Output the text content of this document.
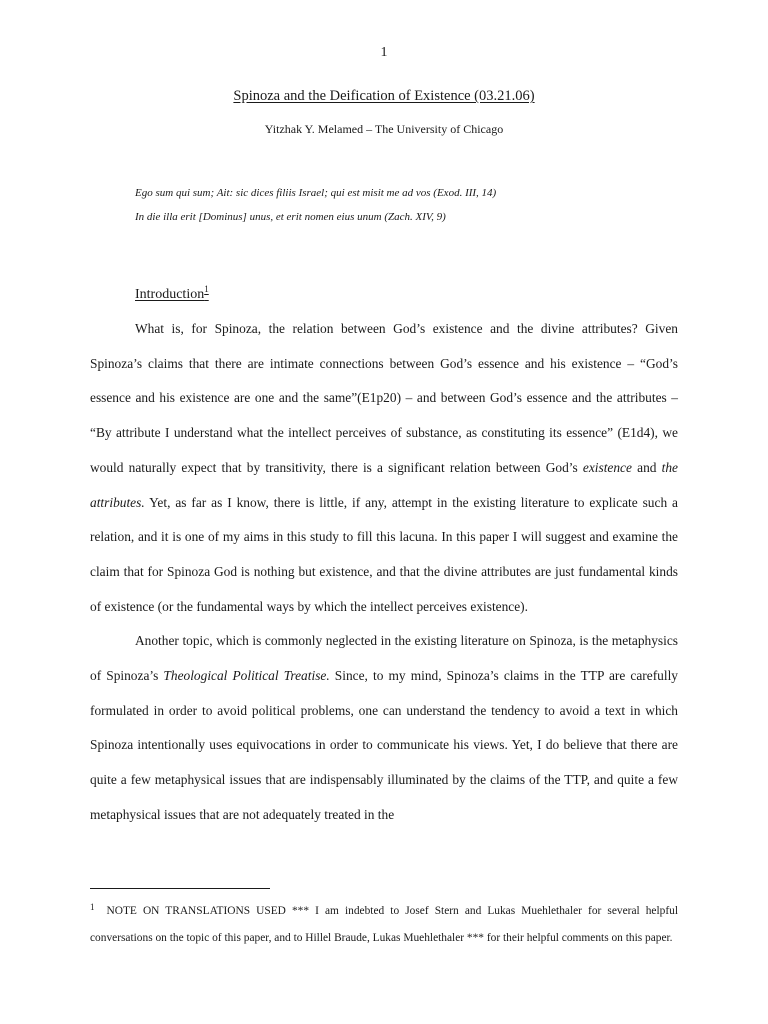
1
Spinoza and the Deification of Existence (03.21.06)
Yitzhak Y. Melamed – The University of Chicago
Ego sum qui sum; Ait: sic dices filiis Israel; qui est misit me ad vos (Exod. III, 14)
In die illa erit [Dominus] unus, et erit nomen eius unum (Zach. XIV, 9)
Introduction$^1$

What is, for Spinoza, the relation between God’s existence and the divine attributes? Given Spinoza’s claims that there are intimate connections between God’s essence and his existence – “God’s essence and his existence are one and the same”(E1p20) – and between God’s essence and the attributes – “By attribute I understand what the intellect perceives of substance, as constituting its essence” (E1d4), we would naturally expect that by transitivity, there is a significant relation between God’s existence and the attributes. Yet, as far as I know, there is little, if any, attempt in the existing literature to explicate such a relation, and it is one of my aims in this study to fill this lacuna. In this paper I will suggest and examine the claim that for Spinoza God is nothing but existence, and that the divine attributes are just fundamental kinds of existence (or the fundamental ways by which the intellect perceives existence).

Another topic, which is commonly neglected in the existing literature on Spinoza, is the metaphysics of Spinoza’s Theological Political Treatise. Since, to my mind, Spinoza’s claims in the TTP are carefully formulated in order to avoid political problems, one can understand the tendency to avoid a text in which Spinoza intentionally uses equivocations in order to communicate his views. Yet, I do believe that there are quite a few metaphysical issues that are indispensably illuminated by the claims of the TTP, and quite a few metaphysical issues that are not adequately treated in the

$^1$ NOTE ON TRANSLATIONS USED *** I am indebted to Josef Stern and Lukas Muehlethaler for several helpful conversations on the topic of this paper, and to Hillel Braude, Lukas Muehlethaler *** for their helpful comments on this paper.
